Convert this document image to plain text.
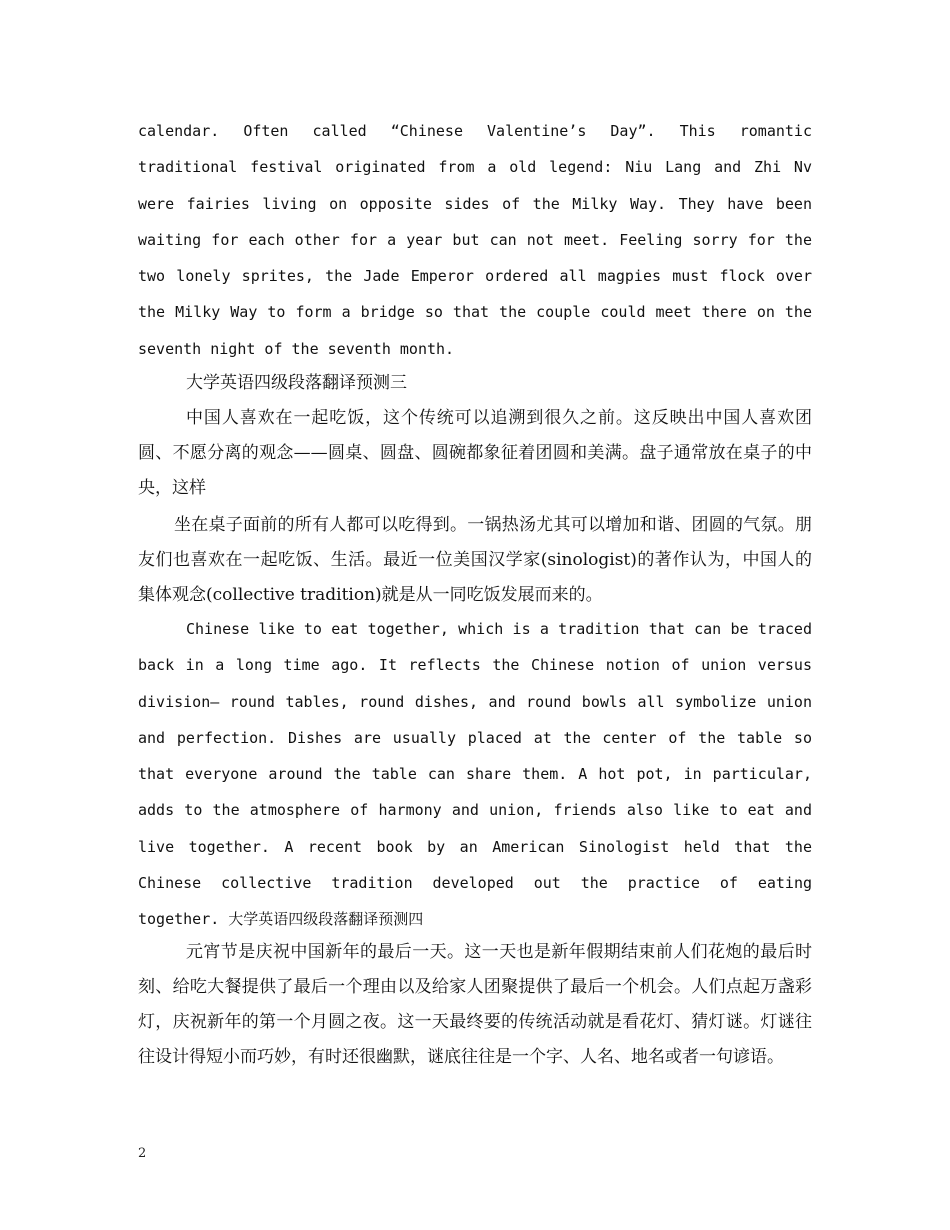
calendar. Often called “Chinese Valentine’s Day”. This romantic traditional festival originated from a old legend: Niu Lang and Zhi Nv were fairies living on opposite sides of the Milky Way. They have been waiting for each other for a year but can not meet. Feeling sorry for the two lonely sprites, the Jade Emperor ordered all magpies must flock over the Milky Way to form a bridge so that the couple could meet there on the seventh night of the seventh month.
大学英语四级段落翻译预测三
中国人喜欢在一起吃饭，这个传统可以追溯到很久之前。这反映出中国人喜欢团圆、不愿分离的观念——圆桌、圆盘、圆碗都象征着团圆和美满。盘子通常放在桌子的中央，这样
坐在桌子面前的所有人都可以吃得到。一锅热汤尤其可以增加和谐、团圆的气氛。朋友们也喜欢在一起吃饭、生活。最近一位美国汉学家(sinologist)的著作认为，中国人的集体观念(collective tradition)就是从一同吃饭发展而来的。
Chinese like to eat together, which is a tradition that can be traced back in a long time ago. It reflects the Chinese notion of union versus division— round tables, round dishes, and round bowls all symbolize union and perfection. Dishes are usually placed at the center of the table so that everyone around the table can share them. A hot pot, in particular, adds to the atmosphere of harmony and union, friends also like to eat and live together. A recent book by an American Sinologist held that the Chinese collective tradition developed out the practice of eating together. 大学英语四级段落翻译预测四
元宵节是庆祝中国新年的最后一天。这一天也是新年假期结束前人们花炮的最后时刻、给吃大餐提供了最后一个理由以及给家人团聚提供了最后一个机会。人们点起万盏彩灯，庆祝新年的第一个月圆之夜。这一天最终要的传统活动就是看花灯、猜灯谜。灯谜往往设计得短小而巧妙，有时还很幽默，谜底往往是一个字、人名、地名或者一句谚语。
2
